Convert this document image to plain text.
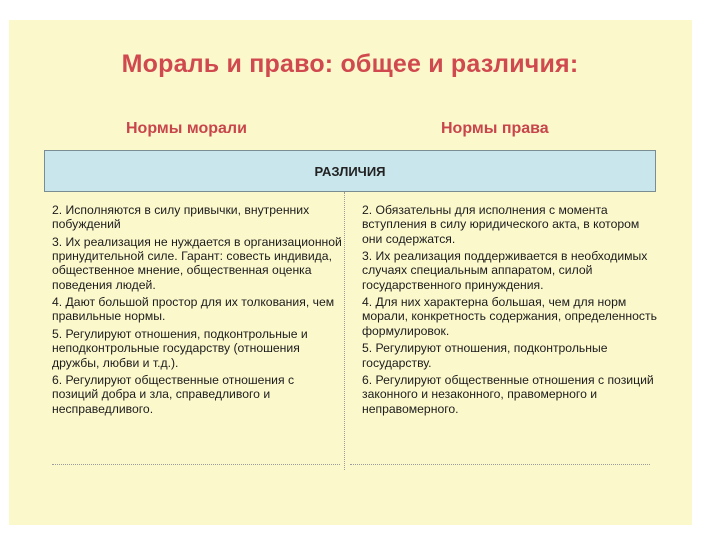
Мораль и право: общее и различия:
Нормы морали	Нормы права
РАЗЛИЧИЯ
2. Исполняются в силу привычки, внутренних побуждений
3. Их реализация не нуждается в организационной принудительной силе. Гарант: совесть индивида, общественное мнение, общественная оценка поведения людей.
4. Дают большой простор для их толкования, чем правильные нормы.
5. Регулируют отношения, подконтрольные и неподконтрольные государству (отношения дружбы, любви и т.д.).
6. Регулируют общественные отношения с позиций добра и зла, справедливого и несправедливого.
2. Обязательны для исполнения с момента вступления в силу юридического акта, в котором они содержатся.
3. Их реализация поддерживается в необходимых случаях специальным аппаратом, силой государственного принуждения.
4. Для них характерна большая, чем для норм морали, конкретность содержания, определенность формулировок.
5. Регулируют отношения, подконтрольные государству.
6. Регулируют общественные отношения с позиций законного и незаконного, правомерного и неправомерного.
